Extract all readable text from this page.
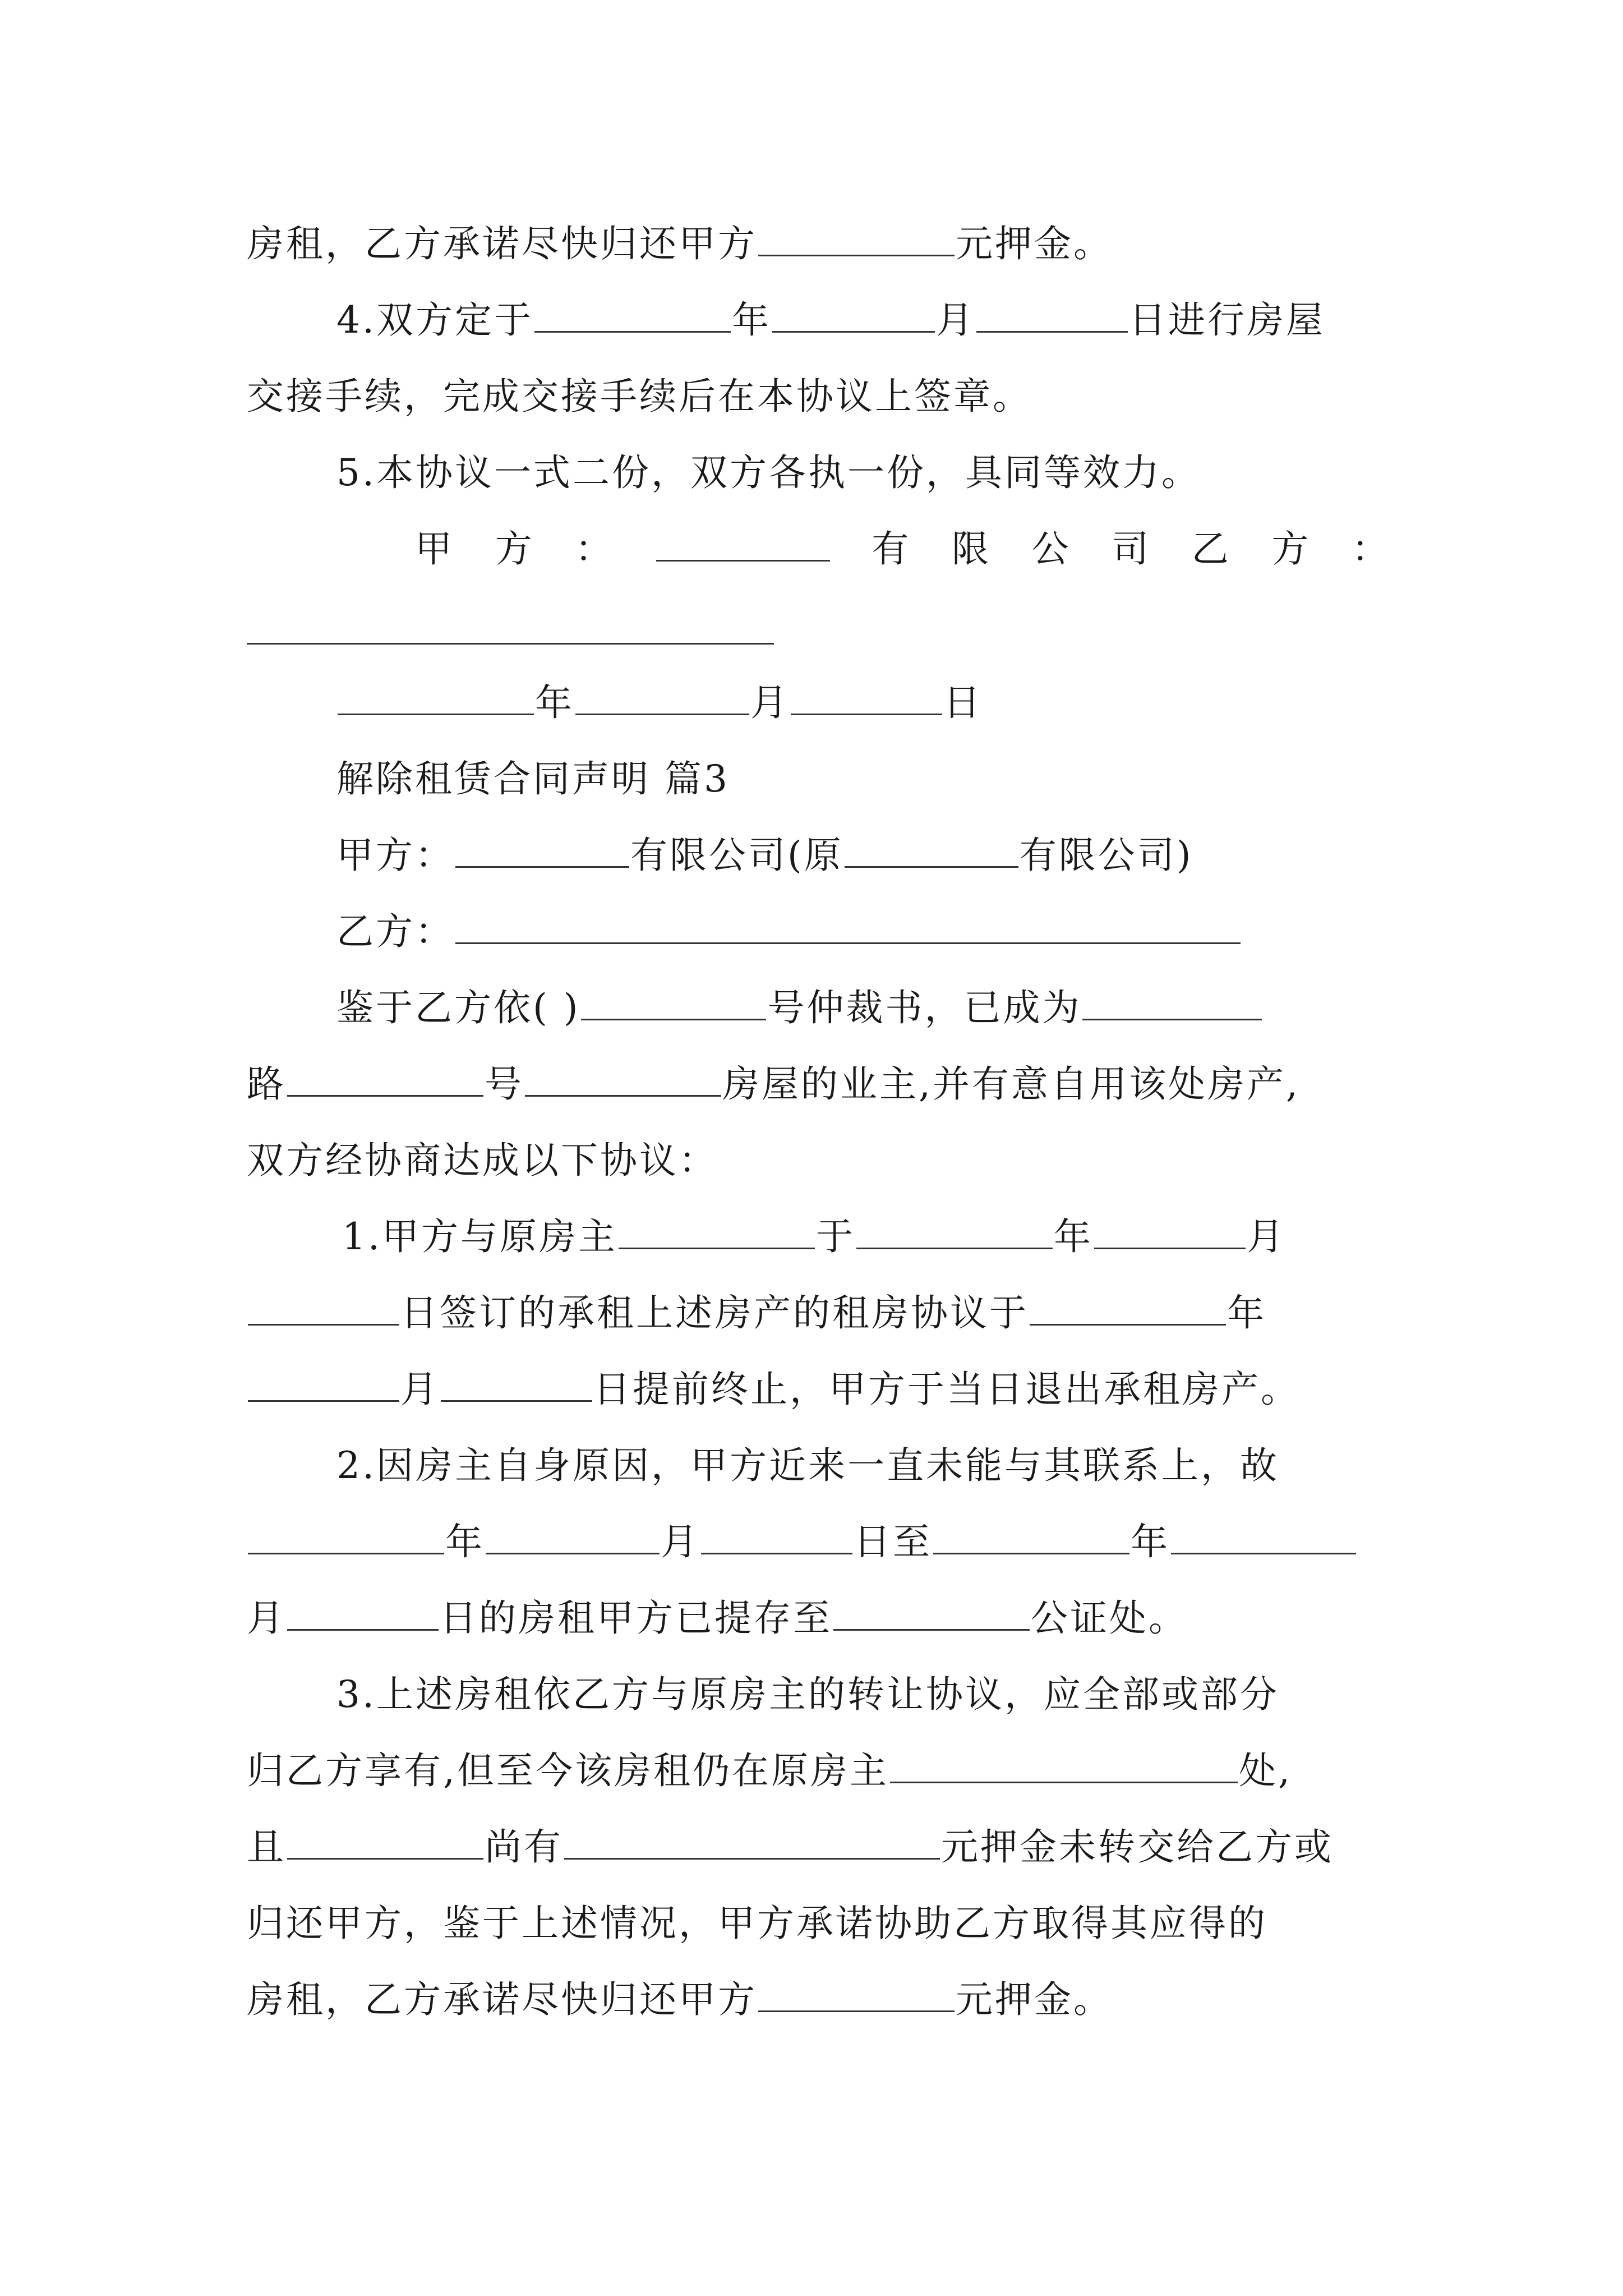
房租，乙方承诺尽快归还甲方	元押金。
4.双方定于	年	月	日进行房屋
交接手续，完成交接手续后在本协议上签章。
5.本协议一式二份，双方各执一份，具同等效力。
甲 方 ：	有 限 公 司 乙 方 ：
年	月	日
解除租赁合同声明 篇3
甲方：	有限公司(原	有限公司)
乙方：
鉴于乙方依( )	号仲裁书，已成为
路	号	房屋的业主,并有意自用该处房产,
双方经协商达成以下协议：
1.甲方与原房主	于	年	月
日签订的承租上述房产的租房协议于	年
月	日提前终止，甲方于当日退出承租房产。
2.因房主自身原因，甲方近来一直未能与其联系上，故
年	月	日至	年
月	日的房租甲方已提存至	公证处。
3.上述房租依乙方与原房主的转让协议，应全部或部分
归乙方享有,但至今该房租仍在原房主	处,
且	尚有	元押金未转交给乙方或
归还甲方，鉴于上述情况，甲方承诺协助乙方取得其应得的
房租，乙方承诺尽快归还甲方	元押金。
